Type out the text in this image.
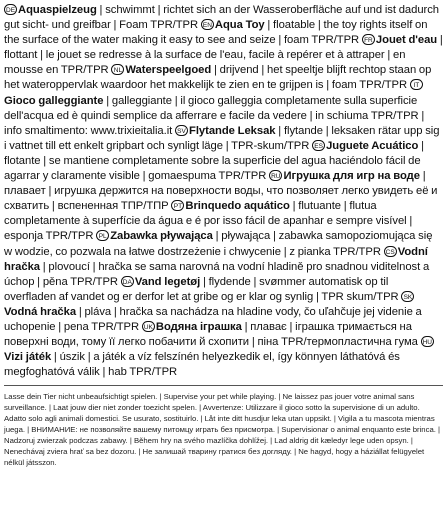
DE Aquaspielzeug | schwimmt | richtet sich an der Wasseroberfläche auf und ist dadurch gut sicht- und greifbar | Foam TPR/TPR EN Aqua Toy | floatable | the toy rights itself on the surface of the water making it easy to see and seize | foam TPR/TPR FR Jouet d'eau | flottant | le jouet se redresse à la surface de l'eau, facile à repérer et à attraper | en mousse en TPR/TPR NL Waterspeelgoed | drijvend | het speeltje blijft rechtop staan op het wateroppervlak waardoor het makkelijk te zien en te grijpen is | foam TPR/TPR ITGioco galleggiante | galleggiante | il gioco galleggia completamente sulla superficie dell'acqua ed è quindi semplice da afferrare e facile da vedere | in schiuma TPR/TPR | info smaltimento: www.trixieitalia.it SV Flytande Leksak | flytande | leksaken rätar upp sig i vattnet till ett enkelt gripbart och synligt läge | TPR-skum/TPR ES Juguete Acuático | flotante | se mantiene completamente sobre la superficie del agua haciéndolo fácil de agarrar y claramente visible | gomaespuma TPR/TPR RU Игрушка для игр на воде | плавает | игрушка держится на поверхности воды, что позволяет легко увидеть её и схватить | вспененная ТПР/ТПР PT Brinquedo aquático | flutuante | flutua completamente à superfície da água e é por isso fácil de apanhar e sempre visível | esponja TPR/TPR PL Zabawka pływająca | pływająca | zabawka samopoziomująca się w wodzie, co pozwala na łatwe dostrzeżenie i chwycenie | z pianka TPR/TPR CS Vodní hračka | plovoucí | hračka se sama narovná na vodní hladině pro snadnou viditelnost a úchop | pěna TPR/TPR DA Vand legetøj | flydende | svømmer automatisk op til overfladen af vandet og er derfor let at gribe og er klar og synlig | TPR skum/TPR SKVodná hračka | pláva | hračka sa nachádza na hladine vody, čo uľahčuje jej videnie a uchopenie | pena TPR/TPR UK Водяна іграшка | плаває | іграшка тримається на поверхні води, тому її легко побачити й схопити | піна TPR/термопластична гума HUVizi játék | úszik | a játék a víz felszínén helyezkedik el, így könnyen láthatóvá és megfoghatóvá válik | hab TPR/TPR
Lasse dein Tier nicht unbeaufsichtigt spielen. | Supervise your pet while playing. | Ne laissez pas jouer votre animal sans surveillance. | Laat jouw dier niet zonder toezicht spelen. | Avvertenze: Utilizzare il gioco sotto la supervisione di un adulto. Adatto solo agli animali domestici. Se usurato, sostituirlo. | Låt inte ditt husdjur leka utan uppsikt. | Vigila a tu mascota mientras juega. | ВНИМАНИЕ: не позволяйте вашему питомцу играть без присмотра. | Supervisionar o animal enquanto este brinca. | Nadzoruj zwierzak podczas zabawy. | Během hry na svého mazlíčka dohlížej. | Lad aldrig dit kæledyr lege uden opsyn. | Nenechávaj zviera hrať sa bez dozoru. | Не залишай тварину гратися без догляду. | Ne hagyd, hogy a háziállat felügyelet nélkül játsszon.
